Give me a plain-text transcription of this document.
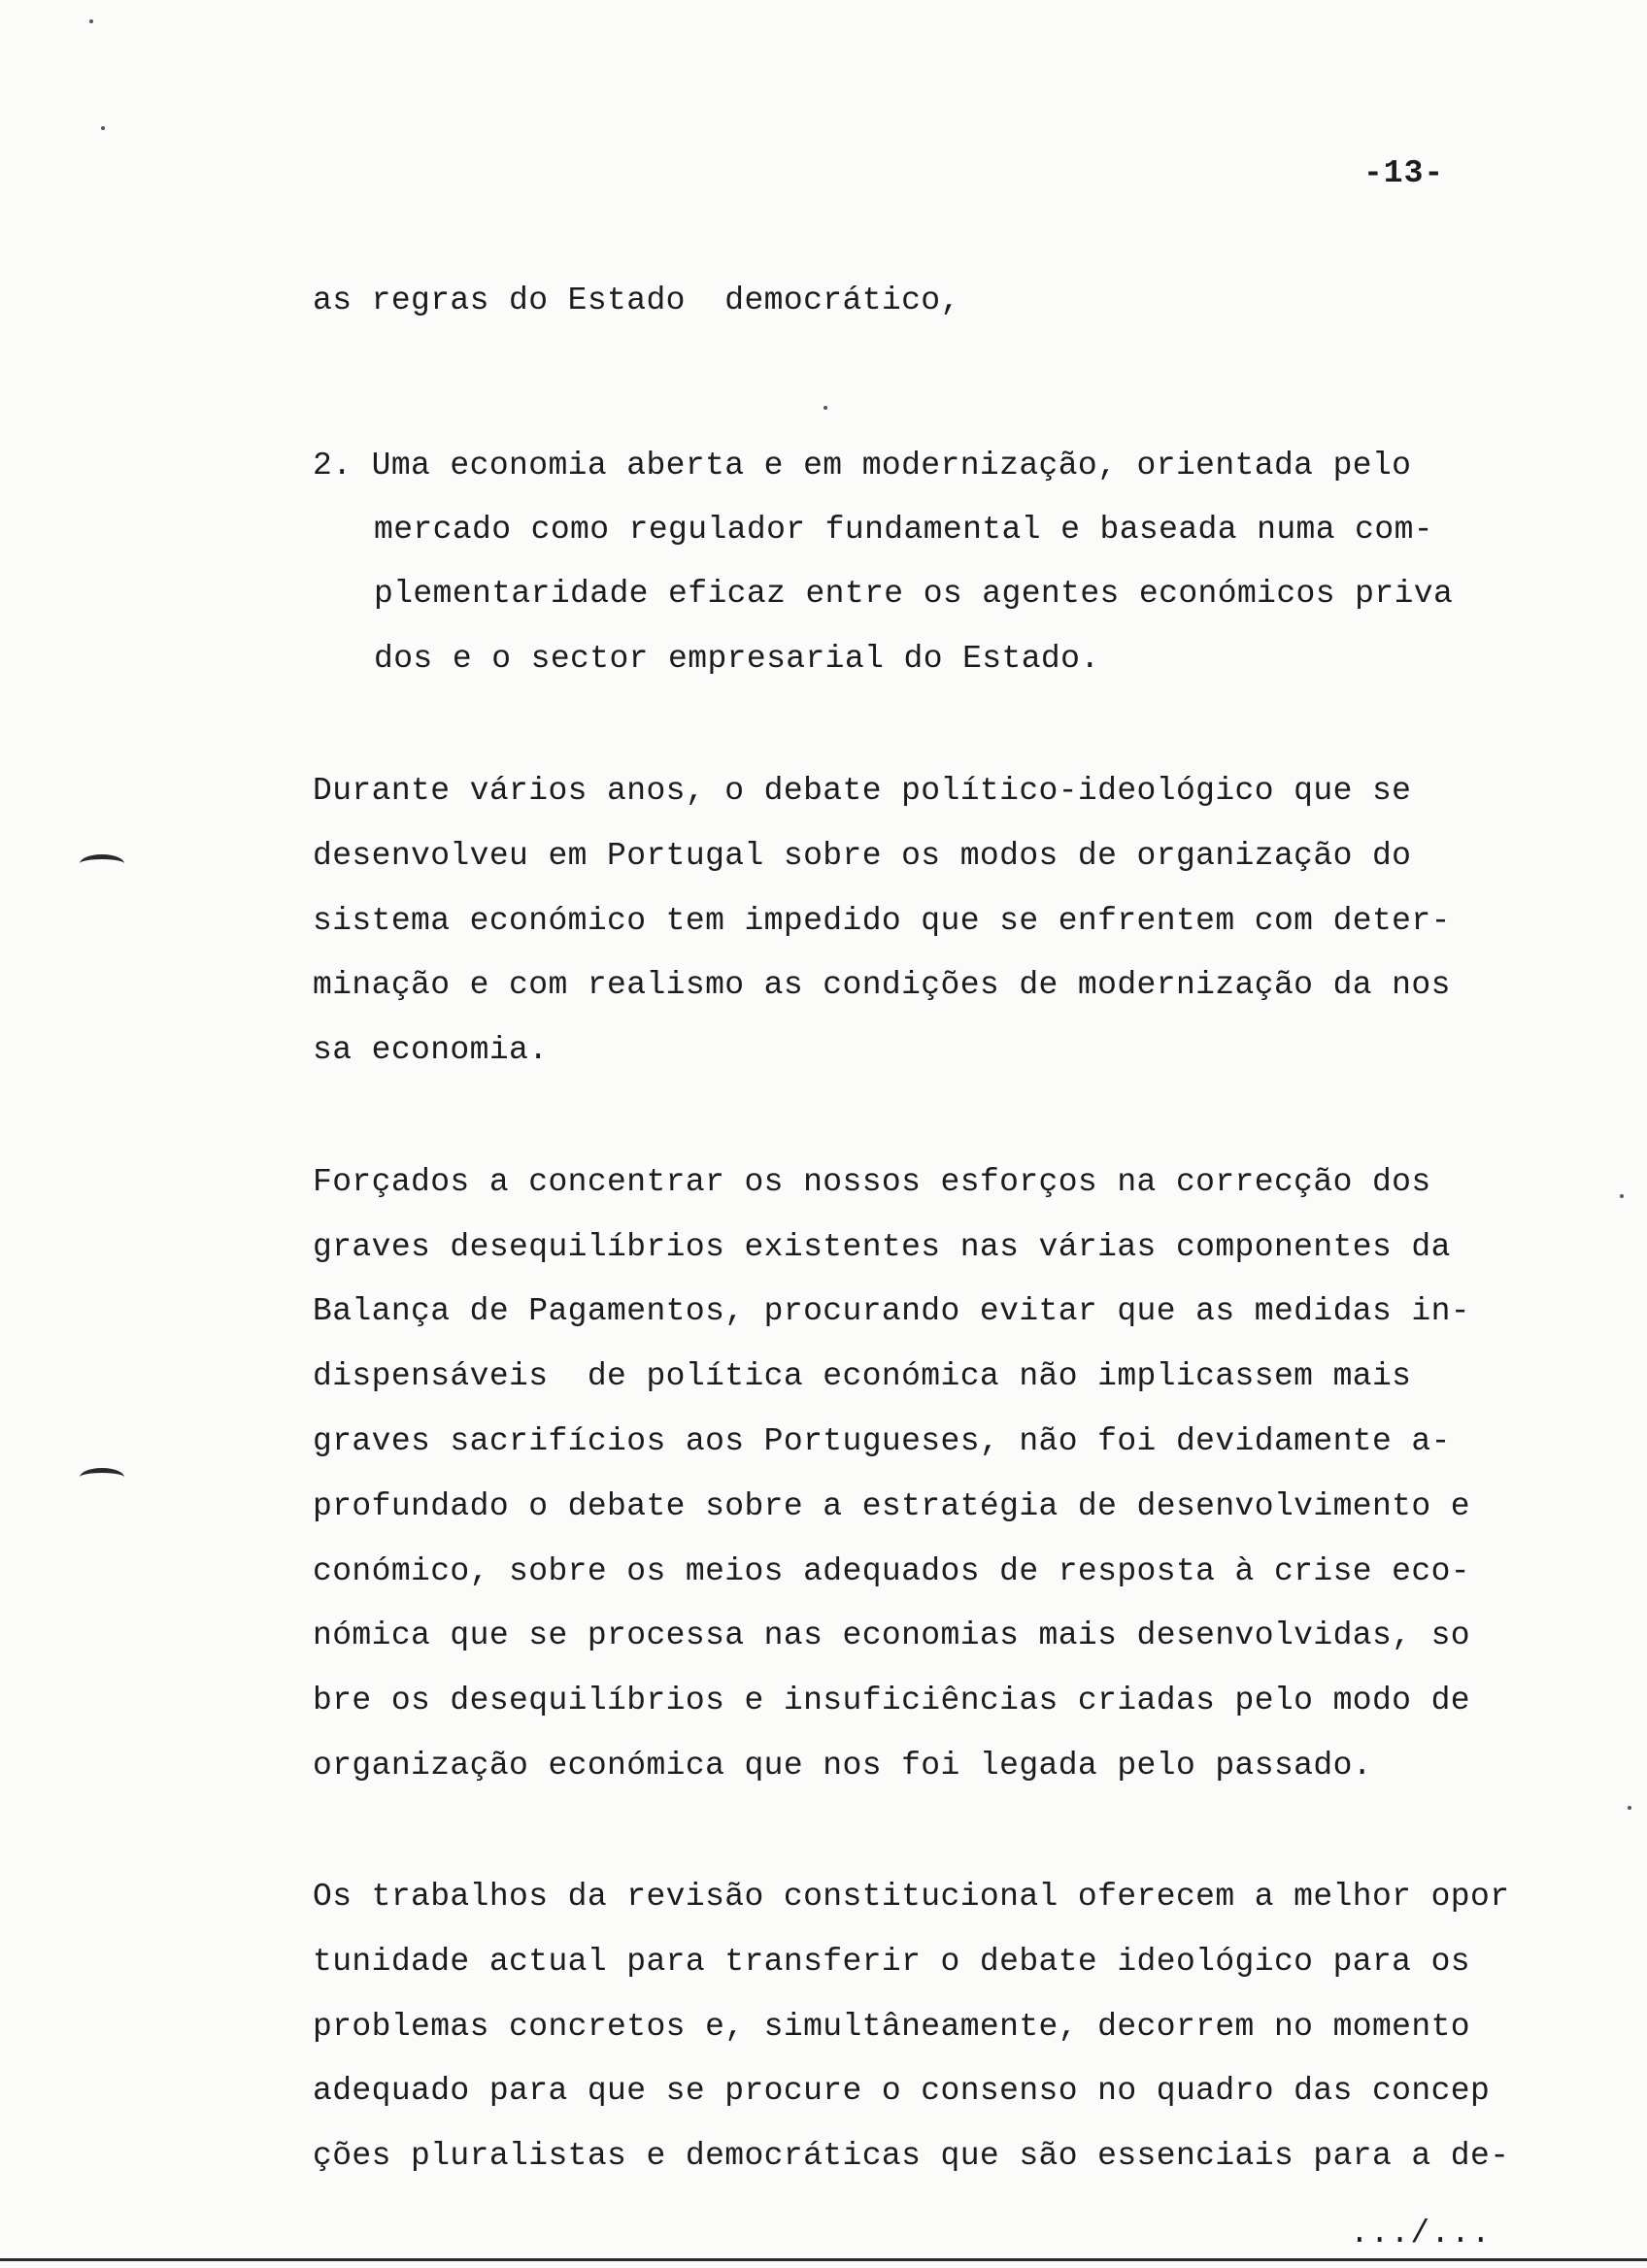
-13-
as regras do Estado  democrático,
2. Uma economia aberta e em modernização, orientada pelo
mercado como regulador fundamental e baseada numa com-
plementaridade eficaz entre os agentes económicos priva
dos e o sector empresarial do Estado.
Durante vários anos, o debate político-ideológico que se
desenvolveu em Portugal sobre os modos de organização do
sistema económico tem impedido que se enfrentem com deter-
minação e com realismo as condições de modernização da nos
sa economia.
Forçados a concentrar os nossos esforços na correcção dos
graves desequilíbrios existentes nas várias componentes da
Balança de Pagamentos, procurando evitar que as medidas in-
dispensáveis  de política económica não implicassem mais
graves sacrifícios aos Portugueses, não foi devidamente a-
profundado o debate sobre a estratégia de desenvolvimento e
conómico, sobre os meios adequados de resposta à crise eco-
nómica que se processa nas economias mais desenvolvidas, so
bre os desequilíbrios e insuficiências criadas pelo modo de
organização económica que nos foi legada pelo passado.
Os trabalhos da revisão constitucional oferecem a melhor opor
tunidade actual para transferir o debate ideológico para os
problemas concretos e, simultâneamente, decorrem no momento
adequado para que se procure o consenso no quadro das concep
ções pluralistas e democráticas que são essenciais para a de-
.../...
